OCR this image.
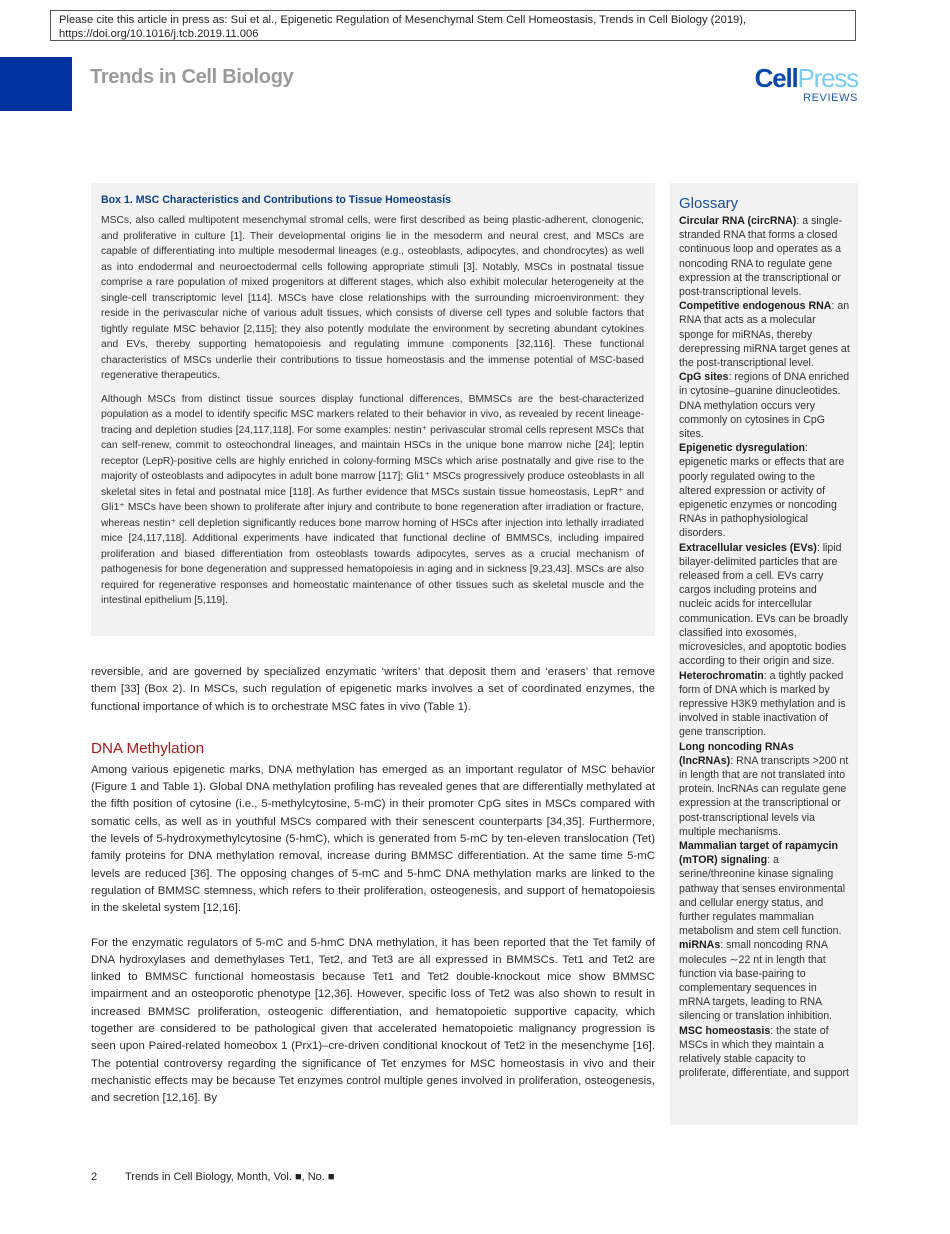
Please cite this article in press as: Sui et al., Epigenetic Regulation of Mesenchymal Stem Cell Homeostasis, Trends in Cell Biology (2019), https://doi.org/10.1016/j.tcb.2019.11.006
Trends in Cell Biology	CellPress
REVIEWS
Box 1. MSC Characteristics and Contributions to Tissue Homeostasis

MSCs, also called multipotent mesenchymal stromal cells, were first described as being plastic-adherent, clonogenic, and proliferative in culture [1]. Their developmental origins lie in the mesoderm and neural crest, and MSCs are capable of differentiating into multiple mesodermal lineages (e.g., osteoblasts, adipocytes, and chondrocytes) as well as into endodermal and neuroectodermal cells following appropriate stimuli [3]. Notably, MSCs in postnatal tissue comprise a rare population of mixed progenitors at different stages, which also exhibit molecular heterogeneity at the single-cell transcriptomic level [114]. MSCs have close relationships with the surrounding microenvironment: they reside in the perivascular niche of various adult tissues, which consists of diverse cell types and soluble factors that tightly regulate MSC behavior [2,115]; they also potently modulate the environment by secreting abundant cytokines and EVs, thereby supporting hematopoiesis and regulating immune components [32,116]. These functional characteristics of MSCs underlie their contributions to tissue homeostasis and the immense potential of MSC-based regenerative therapeutics.

Although MSCs from distinct tissue sources display functional differences, BMMSCs are the best-characterized population as a model to identify specific MSC markers related to their behavior in vivo, as revealed by recent lineage-tracing and depletion studies [24,117,118]. For some examples: nestin⁺ perivascular stromal cells represent MSCs that can self-renew, commit to osteochondral lineages, and maintain HSCs in the unique bone marrow niche [24]; leptin receptor (LepR)-positive cells are highly enriched in colony-forming MSCs which arise postnatally and give rise to the majority of osteoblasts and adipocytes in adult bone marrow [117]; Gli1⁺ MSCs progressively produce osteoblasts in all skeletal sites in fetal and postnatal mice [118]. As further evidence that MSCs sustain tissue homeostasis, LepR⁺ and Gli1⁺ MSCs have been shown to proliferate after injury and contribute to bone regeneration after irradiation or fracture, whereas nestin⁺ cell depletion significantly reduces bone marrow homing of HSCs after injection into lethally irradiated mice [24,117,118]. Additional experiments have indicated that functional decline of BMMSCs, including impaired proliferation and biased differentiation from osteoblasts towards adipocytes, serves as a crucial mechanism of pathogenesis for bone degeneration and suppressed hematopoiesis in aging and in sickness [9,23,43]. MSCs are also required for regenerative responses and homeostatic maintenance of other tissues such as skeletal muscle and the intestinal epithelium [5,119].

reversible, and are governed by specialized enzymatic ‘writers’ that deposit them and ‘erasers’ that remove them [33] (Box 2). In MSCs, such regulation of epigenetic marks involves a set of coordinated enzymes, the functional importance of which is to orchestrate MSC fates in vivo (Table 1).

DNA Methylation

Among various epigenetic marks, DNA methylation has emerged as an important regulator of MSC behavior (Figure 1 and Table 1). Global DNA methylation profiling has revealed genes that are differentially methylated at the fifth position of cytosine (i.e., 5-methylcytosine, 5-mC) in their promoter CpG sites in MSCs compared with somatic cells, as well as in youthful MSCs compared with their senescent counterparts [34,35]. Furthermore, the levels of 5-hydroxymethylcytosine (5-hmC), which is generated from 5-mC by ten-eleven translocation (Tet) family proteins for DNA methylation removal, increase during BMMSC differentiation. At the same time 5-mC levels are reduced [36]. The opposing changes of 5-mC and 5-hmC DNA methylation marks are linked to the regulation of BMMSC stemness, which refers to their proliferation, osteogenesis, and support of hematopoiesis in the skeletal system [12,16].

For the enzymatic regulators of 5-mC and 5-hmC DNA methylation, it has been reported that the Tet family of DNA hydroxylases and demethylases Tet1, Tet2, and Tet3 are all expressed in BMMSCs. Tet1 and Tet2 are linked to BMMSC functional homeostasis because Tet1 and Tet2 double-knockout mice show BMMSC impairment and an osteoporotic phenotype [12,36]. However, specific loss of Tet2 was also shown to result in increased BMMSC proliferation, osteogenic differentiation, and hematopoietic supportive capacity, which together are considered to be pathological given that accelerated hematopoietic malignancy progression is seen upon Paired-related homeobox 1 (Prx1)–cre-driven conditional knockout of Tet2 in the mesenchyme [16]. The potential controversy regarding the significance of Tet enzymes for MSC homeostasis in vivo and their mechanistic effects may be because Tet enzymes control multiple genes involved in proliferation, osteogenesis, and secretion [12,16]. By

Glossary

Circular RNA (circRNA): a single-stranded RNA that forms a closed continuous loop and operates as a noncoding RNA to regulate gene expression at the transcriptional or post-transcriptional levels.

Competitive endogenous RNA: an RNA that acts as a molecular sponge for miRNAs, thereby derepressing miRNA target genes at the post-transcriptional level.

CpG sites: regions of DNA enriched in cytosine–guanine dinucleotides. DNA methylation occurs very commonly on cytosines in CpG sites.

Epigenetic dysregulation: epigenetic marks or effects that are poorly regulated owing to the altered expression or activity of epigenetic enzymes or noncoding RNAs in pathophysiological disorders.

Extracellular vesicles (EVs): lipid bilayer-delimited particles that are released from a cell. EVs carry cargos including proteins and nucleic acids for intercellular communication. EVs can be broadly classified into exosomes, microvesicles, and apoptotic bodies according to their origin and size.

Heterochromatin: a tightly packed form of DNA which is marked by repressive H3K9 methylation and is involved in stable inactivation of gene transcription.

Long noncoding RNAs (lncRNAs): RNA transcripts >200 nt in length that are not translated into protein. lncRNAs can regulate gene expression at the transcriptional or post-transcriptional levels via multiple mechanisms.

Mammalian target of rapamycin (mTOR) signaling: a serine/threonine kinase signaling pathway that senses environmental and cellular energy status, and further regulates mammalian metabolism and stem cell function.

miRNAs: small noncoding RNA molecules ∼22 nt in length that function via base-pairing to complementary sequences in mRNA targets, leading to RNA silencing or translation inhibition.

MSC homeostasis: the state of MSCs in which they maintain a relatively stable capacity to proliferate, differentiate, and support

2	Trends in Cell Biology, Month, Vol. ■, No. ■
